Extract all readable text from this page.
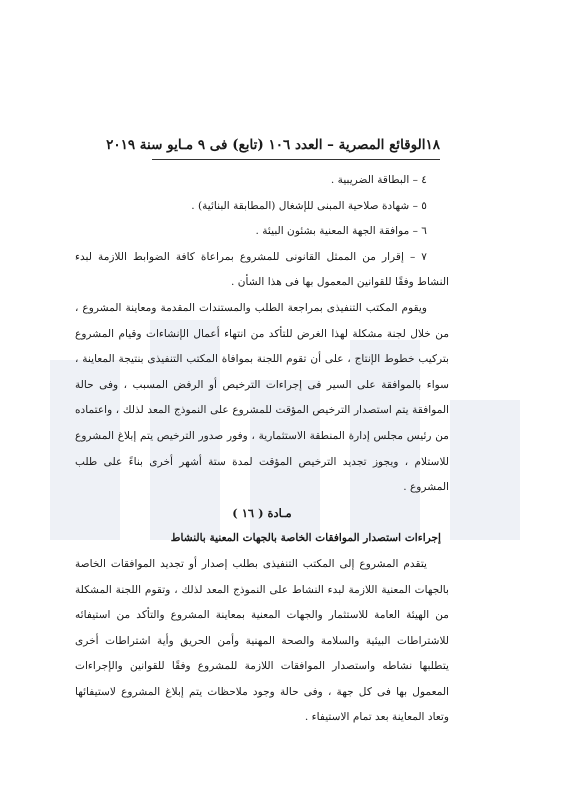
١٨
الوقائع المصرية – العدد ١٠٦ (تابع) فى ٩ مـايو سنة ٢٠١٩

٤ – البطاقة الضريبية .

٥ – شهادة صلاحية المبنى للإشغال (المطابقة البنائية) .

٦ – موافقة الجهة المعنية بشئون البيئة .

٧ – إقرار من الممثل القانونى للمشروع بمراعاة كافة الضوابط اللازمة لبدء النشاط وفقًا للقوانين المعمول بها فى هذا الشأن .

ويقوم المكتب التنفيذى بمراجعة الطلب والمستندات المقدمة ومعاينة المشروع ، من خلال لجنة مشكلة لهذا الغرض للتأكد من انتهاء أعمال الإنشاءات وقيام المشروع بتركيب خطوط الإنتاج ، على أن تقوم اللجنة بموافاة المكتب التنفيذى بنتيجة المعاينة ، سواء بالموافقة على السير فى إجراءات الترخيص أو الرفض المسبب ، وفى حالة الموافقة يتم استصدار الترخيص المؤقت للمشروع على النموذج المعد لذلك ، واعتماده من رئيس مجلس إدارة المنطقة الاستثمارية ، وفور صدور الترخيص يتم إبلاغ المشروع للاستلام ، ويجوز تجديد الترخيص المؤقت لمدة ستة أشهر أخرى بناءً على طلب المشروع .

مـادة ( ١٦ )

إجراءات استصدار الموافقات الخاصة بالجهات المعنية بالنشاط

يتقدم المشروع إلى المكتب التنفيذى بطلب إصدار أو تجديد الموافقات الخاصة بالجهات المعنية اللازمة لبدء النشاط على النموذج المعد لذلك ، وتقوم اللجنة المشكلة من الهيئة العامة للاستثمار والجهات المعنية بمعاينة المشروع والتأكد من استيفائه للاشتراطات البيئية والسلامة والصحة المهنية وأمن الحريق وأية اشتراطات أخرى يتطلبها نشاطه واستصدار الموافقات اللازمة للمشروع وفقًا للقوانين والإجراءات المعمول بها فى كل جهة ، وفى حالة وجود ملاحظات يتم إبلاغ المشروع لاستيفائها وتعاد المعاينة بعد تمام الاستيفاء .
